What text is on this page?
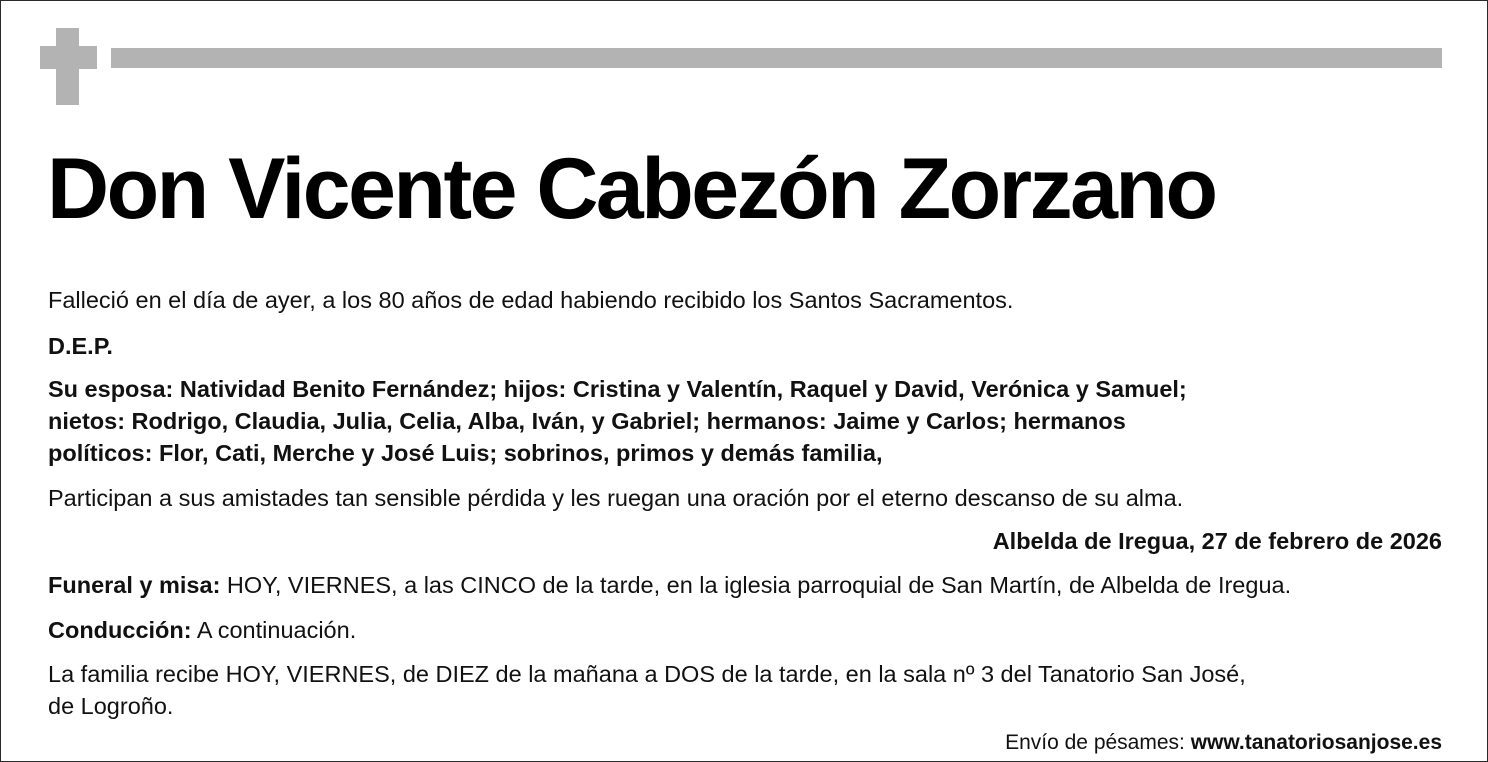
Don Vicente Cabezón Zorzano
Falleció en el día de ayer, a los 80 años de edad habiendo recibido los Santos Sacramentos.
D.E.P.
Su esposa: Natividad Benito Fernández; hijos: Cristina y Valentín, Raquel y David, Verónica y Samuel;
nietos: Rodrigo, Claudia, Julia, Celia, Alba, Iván, y Gabriel; hermanos: Jaime y Carlos; hermanos
políticos: Flor, Cati, Merche y José Luis; sobrinos, primos y demás familia,
Participan a sus amistades tan sensible pérdida y les ruegan una oración por el eterno descanso de su alma.
Albelda de Iregua, 27 de febrero de 2026
Funeral y misa: HOY, VIERNES, a las CINCO de la tarde, en la iglesia parroquial de San Martín, de Albelda de Iregua.
Conducción: A continuación.
La familia recibe HOY, VIERNES, de DIEZ de la mañana a DOS de la tarde, en la sala nº 3 del Tanatorio San José,
de Logroño.
Envío de pésames: www.tanatoriosanjose.es
